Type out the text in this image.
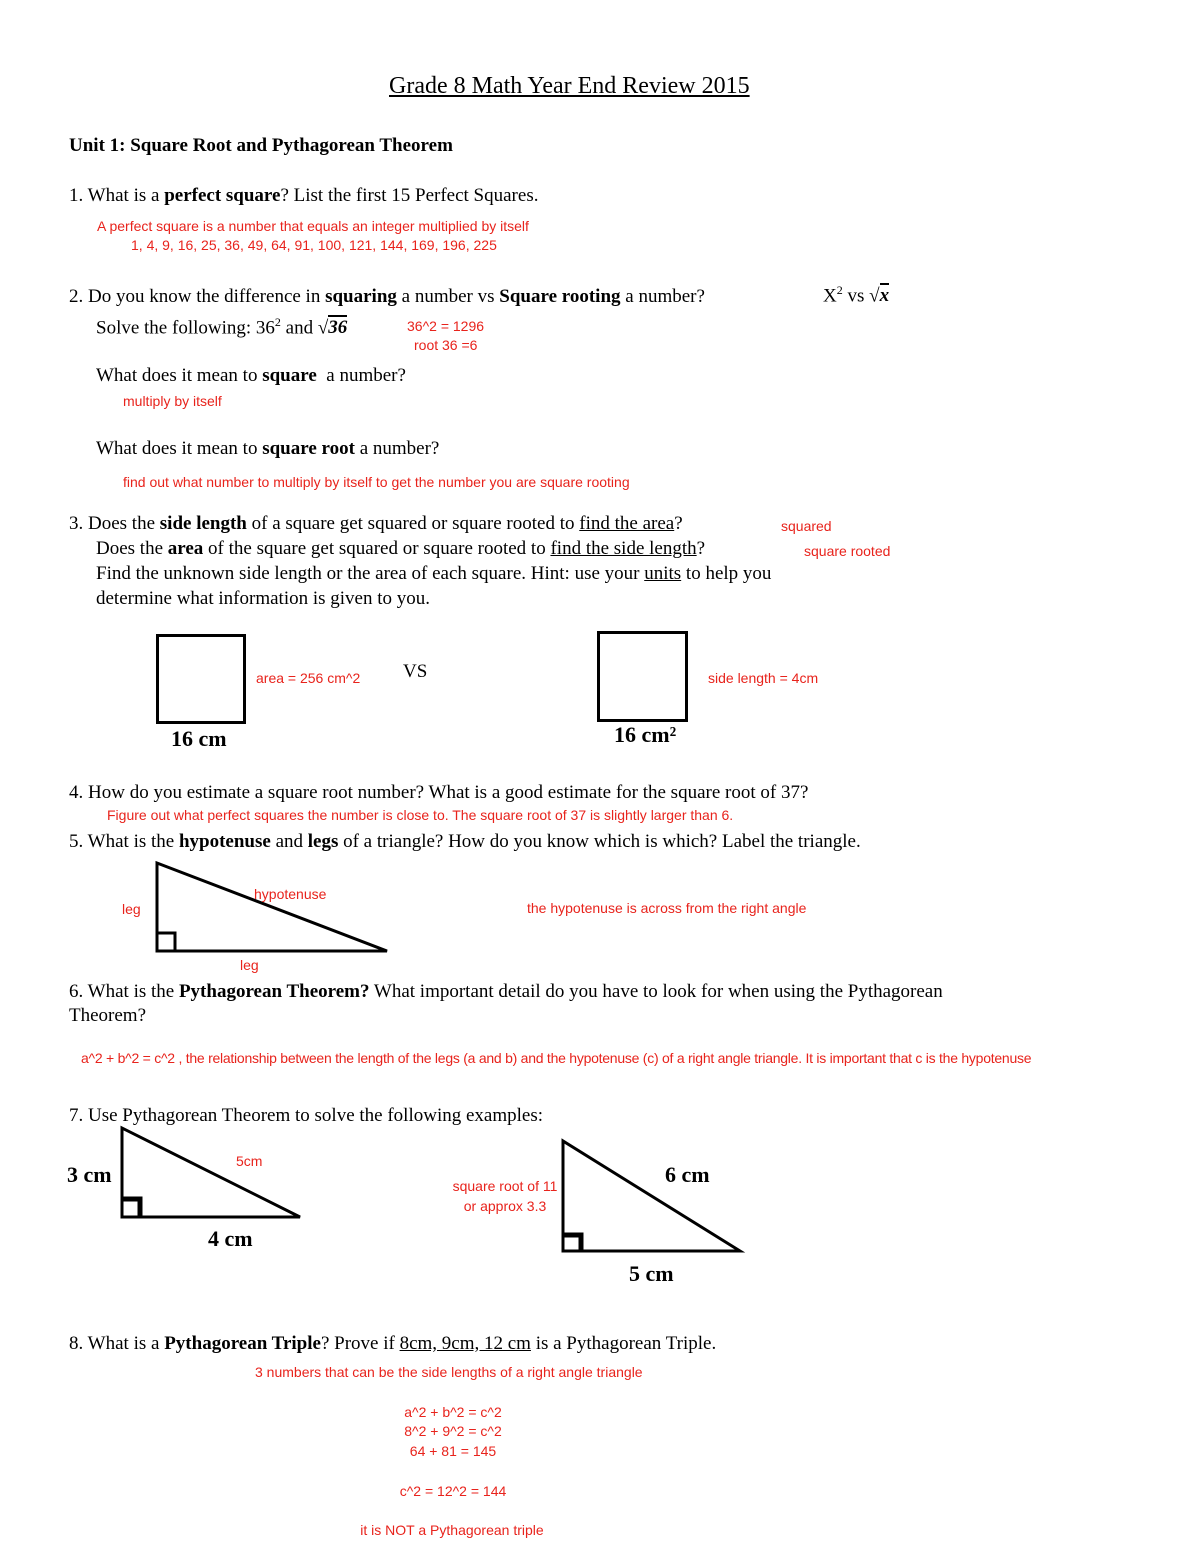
Grade 8 Math Year End Review 2015
Unit 1: Square Root and Pythagorean Theorem
1. What is a perfect square? List the first 15 Perfect Squares.
A perfect square is a number that equals an integer multiplied by itself
1, 4, 9, 16, 25, 36, 49, 64, 91, 100, 121, 144, 169, 196, 225
2. Do you know the difference in squaring a number vs Square rooting a number?	$X^2$ vs √x
Solve the following: $36^2$ and √36	36^2 = 1296
root 36 =6
What does it mean to square a number?
multiply by itself
What does it mean to square root a number?
find out what number to multiply by itself to get the number you are square rooting
3. Does the side length of a square get squared or square rooted to find the area?	squared
Does the area of the square get squared or square rooted to find the side length?	square rooted
Find the unknown side length or the area of each square. Hint: use your units to help you
determine what information is given to you.
16 cm
area = 256 cm^2 VS
16 cm²
side length = 4cm
4. How do you estimate a square root number? What is a good estimate for the square root of 37?
Figure out what perfect squares the number is close to. The square root of 37 is slightly larger than 6.
5. What is the hypotenuse and legs of a triangle? How do you know which is which? Label the triangle.
hypotenuse
leg
leg
the hypotenuse is across from the right angle
6. What is the Pythagorean Theorem? What important detail do you have to look for when using the Pythagorean
Theorem?
a^2 + b^2 = c^2 , the relationship between the length of the legs (a and b) and the hypotenuse (c) of a right angle triangle. It is important that c is the hypotenuse
7. Use Pythagorean Theorem to solve the following examples:
3 cm
4 cm
5cm
6 cm
5 cm
square root of 11
or approx 3.3
8. What is a Pythagorean Triple? Prove if 8cm, 9cm, 12 cm is a Pythagorean Triple.
3 numbers that can be the side lengths of a right angle triangle
a^2 + b^2 = c^2
8^2 + 9^2 = c^2
64 + 81 = 145
c^2 = 12^2 = 144
it is NOT a Pythagorean triple
